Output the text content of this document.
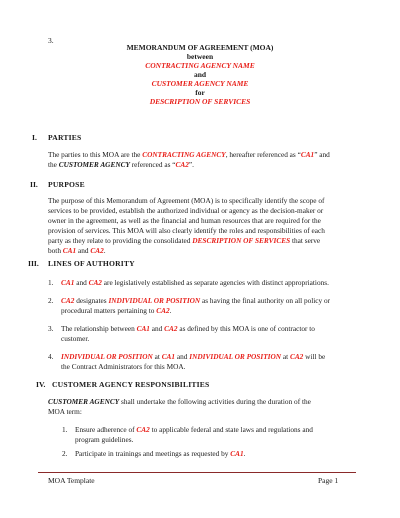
3.
MEMORANDUM OF AGREEMENT (MOA)
between
CONTRACTING AGENCY NAME
and
CUSTOMER AGENCY NAME
for
DESCRIPTION OF SERVICES
I. PARTIES
The parties to this MOA are the CONTRACTING AGENCY, hereafter referenced as “CA1” and
the CUSTOMER AGENCY referenced as “CA2”.
II. PURPOSE
The purpose of this Memorandum of Agreement (MOA) is to specifically identify the scope of
services to be provided, establish the authorized individual or agency as the decision-maker or
owner in the agreement, as well as the financial and human resources that are required for the
provision of services. This MOA will also clearly identify the roles and responsibilities of each
party as they relate to providing the consolidated DESCRIPTION OF SERVICES that serve
both CA1 and CA2.
III. LINES OF AUTHORITY
1. CA1 and CA2 are legislatively established as separate agencies with distinct appropriations.
2. CA2 designates INDIVIDUAL OR POSITION as having the final authority on all policy or
procedural matters pertaining to CA2.
3. The relationship between CA1 and CA2 as defined by this MOA is one of contractor to
customer.
4. INDIVIDUAL OR POSITION at CA1 and INDIVIDUAL OR POSITION at CA2 will be
the Contract Administrators for this MOA.
IV. CUSTOMER AGENCY RESPONSIBILITIES
CUSTOMER AGENCY shall undertake the following activities during the duration of the
MOA term:
1. Ensure adherence of CA2 to applicable federal and state laws and regulations and
program guidelines.
2. Participate in trainings and meetings as requested by CA1.
MOA Template	Page 1
